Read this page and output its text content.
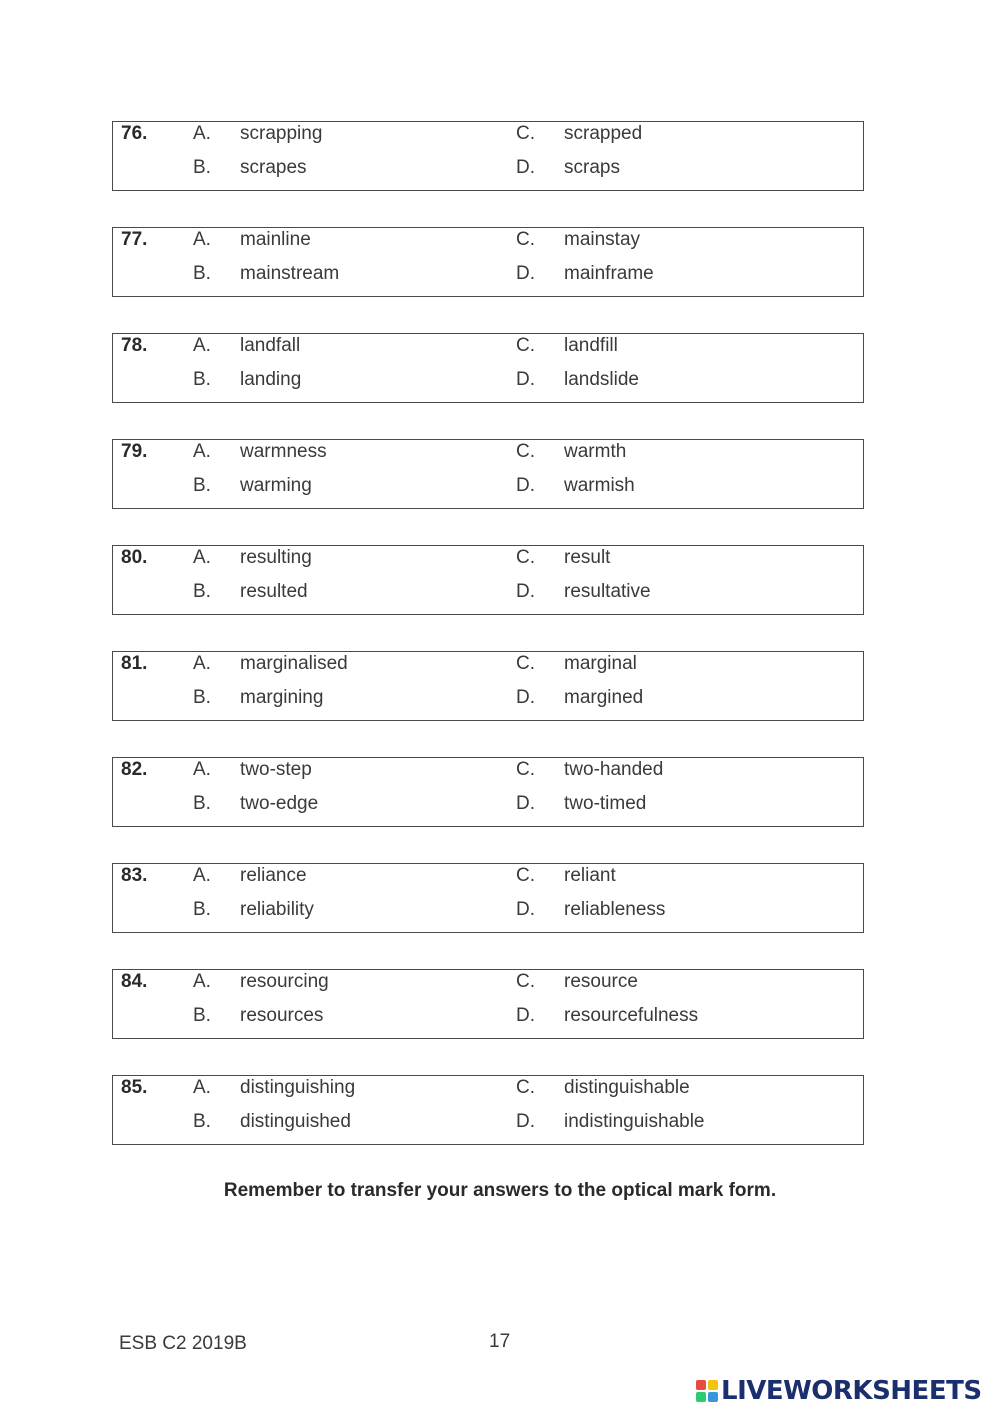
76. A. scrapping	C. scrapped
B. scrapes	D. scraps
77. A. mainline	C. mainstay
B. mainstream	D. mainframe
78. A. landfall	C. landfill
B. landing	D. landslide
79. A. warmness	C. warmth
B. warming	D. warmish
80. A. resulting	C. result
B. resulted	D. resultative
81. A. marginalised	C. marginal
B. margining	D. margined
82. A. two-step	C. two-handed
B. two-edge	D. two-timed
83. A. reliance	C. reliant
B. reliability	D. reliableness
84. A. resourcing	C. resource
B. resources	D. resourcefulness
85. A. distinguishing	C. distinguishable
B. distinguished	D. indistinguishable
Remember to transfer your answers to the optical mark form.
ESB C2 2019B	17
LIVEWORKSHEETS
